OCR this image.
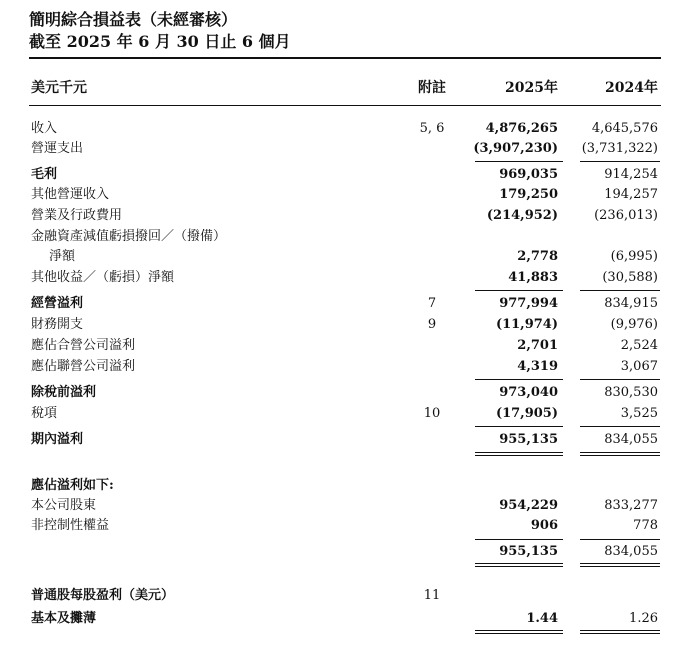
簡明綜合損益表（未經審核）
截至 2025 年 6 月 30 日止 6 個月
美元千元	附註	2025年	2024年
收入	5, 6	4,876,265	4,645,576
營運支出	(3,907,230) (3,731,322)
毛利	969,035	914,254
其他營運收入	179,250	194,257
營業及行政費用	(214,952)	(236,013)
金融資產減值虧損撥回／（撥備）
淨額	2,778	(6,995)
其他收益／（虧損）淨額	41,883	(30,588)
經營溢利	7	977,994	834,915
財務開支	9	(11,974)	(9,976)
應佔合營公司溢利	2,701	2,524
應佔聯營公司溢利	4,319	3,067
除稅前溢利	973,040	830,530
稅項	10	(17,905)	3,525
期內溢利	955,135	834,055
應佔溢利如下:
本公司股東	954,229	833,277
非控制性權益	906	778
955,135	834,055
普通股每股盈利（美元）	11
基本及攤薄	1.44	1.26
